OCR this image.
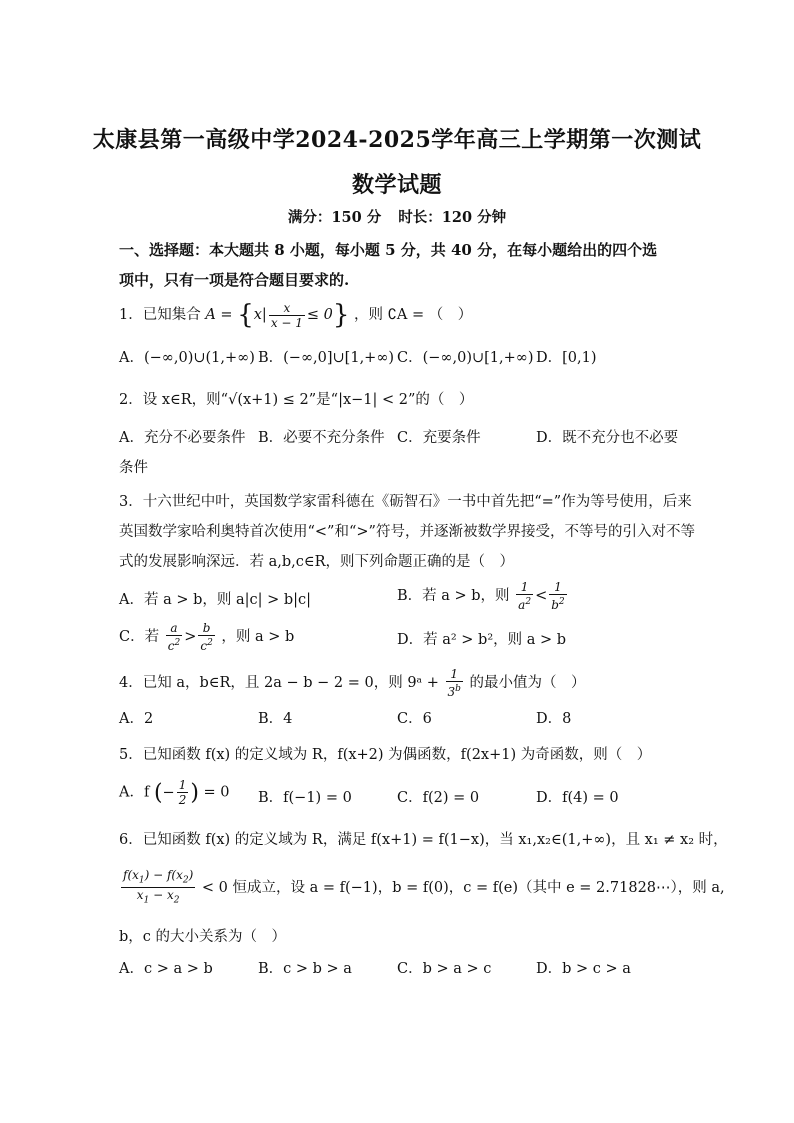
太康县第一高级中学2024-2025学年高三上学期第一次测试
数学试题
满分：150 分 时长：120 分钟
一、选择题：本大题共 8 小题，每小题 5 分，共 40 分，在每小题给出的四个选
项中，只有一项是符合题目要求的.
1．已知集合 $A = \{x| \frac{x}{x - 1} \le 0\}$ ，则 ∁A = （　）
A．(−∞,0)∪(1,+∞) B．(−∞,0]∪[1,+∞) C．(−∞,0)∪[1,+∞) D．[0,1)
2．设 x∈R，则“√(x+1) ≤ 2”是“|x−1| < 2”的（　）
A．充分不必要条件 B．必要不充分条件 C．充要条件	D．既不充分也不必要
条件
3．十六世纪中叶，英国数学家雷科德在《砺智石》一书中首先把“=”作为等号使用，后来
英国数学家哈利奥特首次使用“<”和“>”符号，并逐渐被数学界接受，不等号的引入对不等
式的发展影响深远．若 a,b,c∈R，则下列命题正确的是（　）
A．若 a > b，则 a|c| > b|c|	B．若 a > b，则 $\frac{1}{a^2} < \frac{1}{b^2}$
C．若 $\frac{a}{c^2} > \frac{b}{c^2}$ ，则 a > b	D．若 a² > b²，则 a > b
4．已知 a，b∈R，且 2a − b − 2 = 0，则 9ᵃ + $\frac{1}{3^b}$ 的最小值为（　）
A．2	B．4	C．6	D．8
5．已知函数 f(x) 的定义域为 R，f(x+2) 为偶函数，f(2x+1) 为奇函数，则（　）
A．f (− $\frac{1}{2}$ ) = 0 B．f(−1) = 0	C．f(2) = 0	D．f(4) = 0
6．已知函数 f(x) 的定义域为 R，满足 f(x+1) = f(1−x)，当 x₁,x₂∈(1,+∞)，且 x₁ ≠ x₂ 时，
$\frac{f(x_1) - f(x_2)}{x_1 - x_2} < 0$ 恒成立，设 a = f(−1)，b = f(0)，c = f(e)（其中 e = 2.71828⋯），则 a,
b，c 的大小关系为（　）
A．c > a > b	B．c > b > a	C．b > a > c	D．b > c > a
